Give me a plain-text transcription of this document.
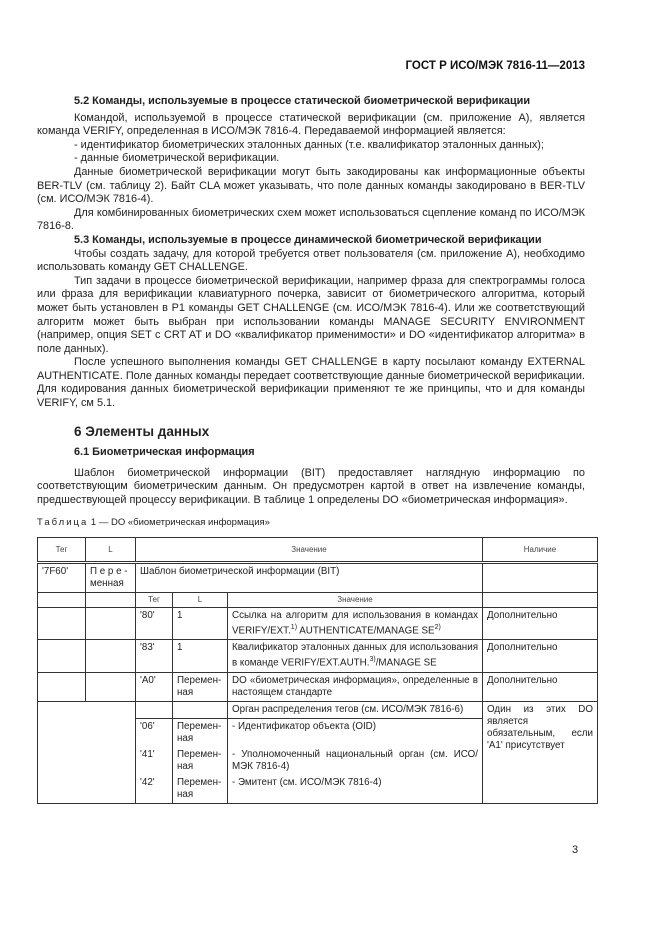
ГОСТ Р ИСО/МЭК 7816-11—2013
5.2 Команды, используемые в процессе статической биометрической верификации

Командой, используемой в процессе статической верификации (см. приложение А), является команда VERIFY, определенная в ИСО/МЭК 7816-4. Передаваемой информацией является:

- идентификатор биометрических эталонных данных (т.е. квалификатор эталонных данных);

- данные биометрической верификации.

Данные биометрической верификации могут быть закодированы как информационные объекты BER-TLV (см. таблицу 2). Байт CLA может указывать, что поле данных команды закодировано в BER-TLV (см. ИСО/МЭК 7816-4).

Для комбинированных биометрических схем может использоваться сцепление команд по ИСО/МЭК 7816-8.

5.3 Команды, используемые в процессе динамической биометрической верификации

Чтобы создать задачу, для которой требуется ответ пользователя (см. приложение А), необходимо использовать команду GET CHALLENGE.

Тип задачи в процессе биометрической верификации, например фраза для спектрограммы голоса или фраза для верификации клавиатурного почерка, зависит от биометрического алгоритма, который может быть установлен в Р1 команды GET CHALLENGE (см. ИСО/МЭК 7816-4). Или же соответствующий алгоритм может быть выбран при использовании команды MANAGE SECURITY ENVIRONMENT (например, опция SET с CRT AT и DO «квалификатор применимости» и DO «идентификатор алгоритма» в поле данных).

После успешного выполнения команды GET CHALLENGE в карту посылают команду EXTERNAL AUTHENTICATE. Поле данных команды передает соответствующие данные биометрической верификации. Для кодирования данных биометрической верификации применяют те же принципы, что и для команды VERIFY, см 5.1.

6 Элементы данных
6.1 Биометрическая информация

Шаблон биометрической информации (BIT) предоставляет наглядную информацию по соответствующим биометрическим данным. Он предусмотрен картой в ответ на извлечение команды, предшествующей процессу верификации. В таблице 1 определены DO «биометрическая информация».

Таблица 1 — DO «биометрическая информация»
Тег	L	Значение			Наличие
'7F60'	П е р е - менная	Шаблон биометрической информации (BIT)			
		Тег	L	Значение	
		'80'	1	Ссылка на алгоритм для использования в командах VERIFY/EXT.$^{1)}$ AUTHENTICATE/MANAGE SE$^{2)}$	Дополнительно
		'83'	1	Квалификатор эталонных данных для использования в команде VERIFY/EXT.AUTH.$^{3)}$/MANAGE SE	Дополнительно
		'A0'	Перемен-ная	DO «биометрическая информация», определенные в настоящем стандарте	Дополнительно
				Орган распределения тегов (см. ИСО/МЭК 7816-6)	Один из этих DO является обязательным, если 'A1' присутствует
		'06'	Перемен-ная	- Идентификатор объекта (OID)	
		'41'	Перемен-ная	- Уполномоченный национальный орган (см. ИСО/МЭК 7816-4)	
		'42'	Перемен-ная	- Эмитент (см. ИСО/МЭК 7816-4)	
3
